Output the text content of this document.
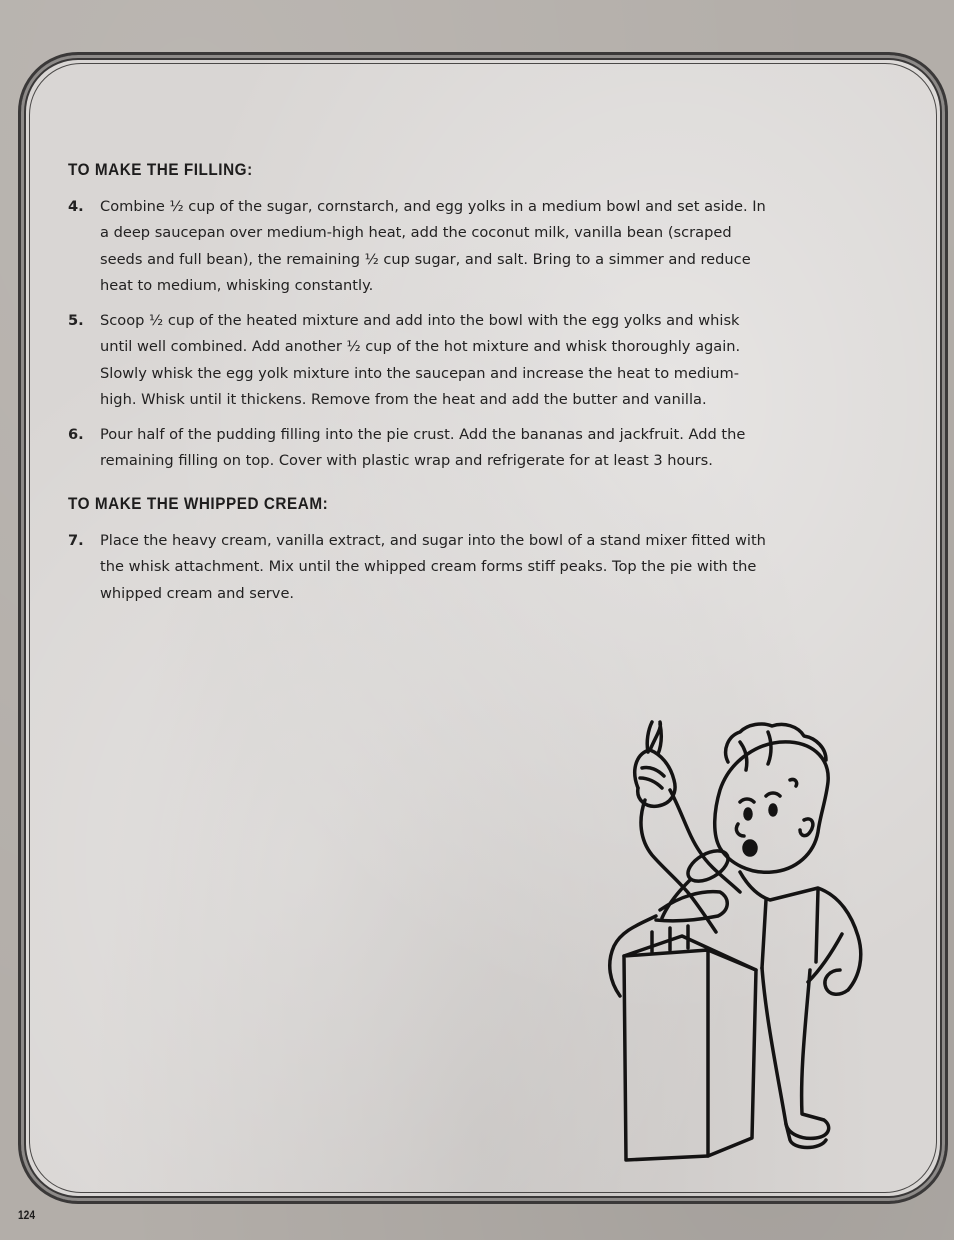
TO MAKE THE FILLING:
4.	Combine ½ cup of the sugar, cornstarch, and egg yolks in a medium bowl and set aside. In a deep saucepan over medium-high heat, add the coconut milk, vanilla bean (scraped seeds and full bean), the remaining ½ cup sugar, and salt. Bring to a simmer and reduce heat to medium, whisking constantly.

5.	Scoop ½ cup of the heated mixture and add into the bowl with the egg yolks and whisk until well combined. Add another ½ cup of the hot mixture and whisk thoroughly again. Slowly whisk the egg yolk mixture into the saucepan and increase the heat to medium-high. Whisk until it thickens. Remove from the heat and add the butter and vanilla.

6.	Pour half of the pudding filling into the pie crust. Add the bananas and jackfruit. Add the remaining filling on top. Cover with plastic wrap and refrigerate for at least 3 hours.

TO MAKE THE WHIPPED CREAM:
7.	Place the heavy cream, vanilla extract, and sugar into the bowl of a stand mixer fitted with the whisk attachment. Mix until the whipped cream forms stiff peaks. Top the pie with the whipped cream and serve.

124
